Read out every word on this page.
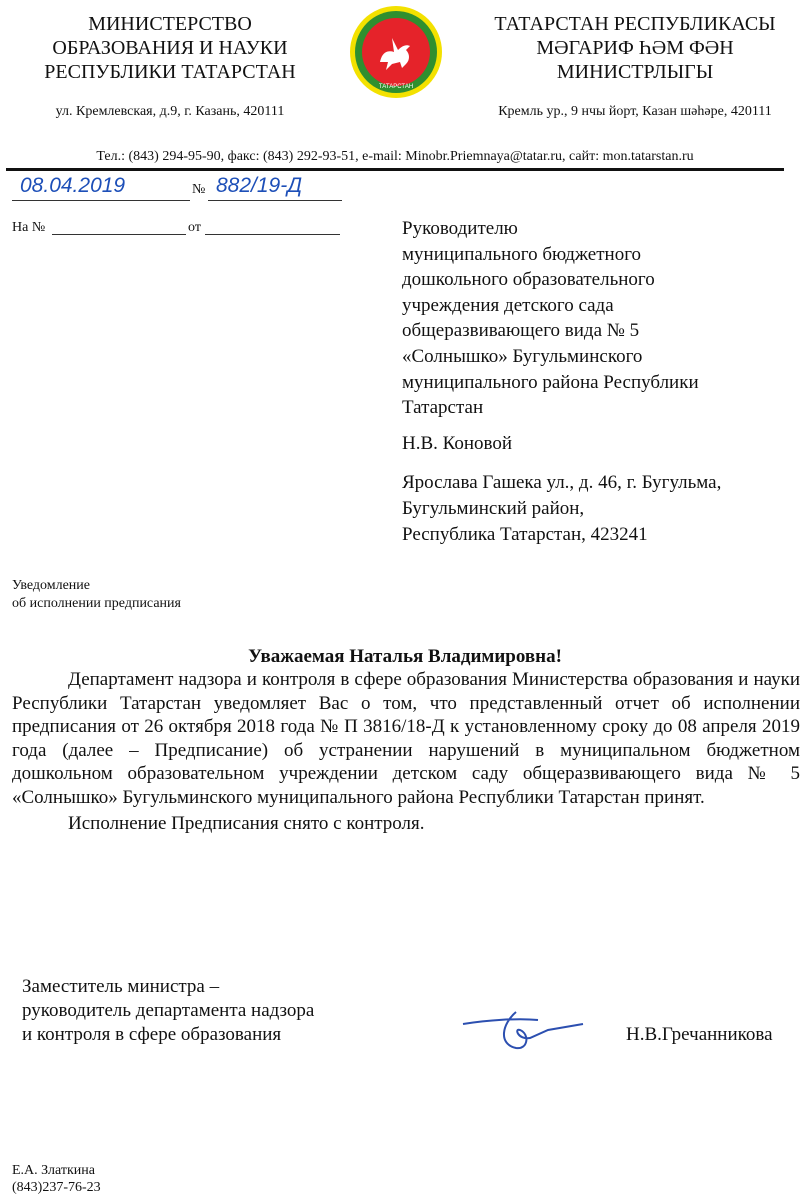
МИНИСТЕРСТВО
ОБРАЗОВАНИЯ И НАУКИ
РЕСПУБЛИКИ ТАТАРСТАН
ул. Кремлевская, д.9, г. Казань, 420111
ТАТАРСТАН
ТАТАРСТАН РЕСПУБЛИКАСЫ
МӘГАРИФ ҺӘМ ФӘН
МИНИСТРЛЫГЫ
Кремль ур., 9 нчы йорт, Казан шәһәре, 420111
Тел.: (843) 294-95-90, факс: (843) 292-93-51, e-mail: Minobr.Priemnaya@tatar.ru, сайт: mon.tatarstan.ru
08.04.2019	№ 882/19-Д
На №	от	Руководителю
муниципального бюджетного
дошкольного образовательного
учреждения детского сада
общеразвивающего вида № 5
«Солнышко» Бугульминского
муниципального района Республики
Татарстан
Н.В. Коновой
Ярослава Гашека ул., д. 46, г. Бугульма,
Бугульминский район,
Республика Татарстан, 423241
Уведомление
об исполнении предписания
Уважаемая Наталья Владимировна!

Департамент надзора и контроля в сфере образования Министерства образования и науки Республики Татарстан уведомляет Вас о том, что представленный отчет об исполнении предписания от 26 октября 2018 года № П 3816/18-Д к установленному сроку до 08 апреля 2019 года (далее – Предписание) об устранении нарушений в муниципальном бюджетном дошкольном образовательном учреждении детском саду общеразвивающего вида № 5 «Солнышко» Бугульминского муниципального района Республики Татарстан принят.

Исполнение Предписания снято с контроля.

Заместитель министра –
руководитель департамента надзора
и контроля в сфере образования	Н.В.Гречанникова
Е.А. Златкина
(843)237-76-23
